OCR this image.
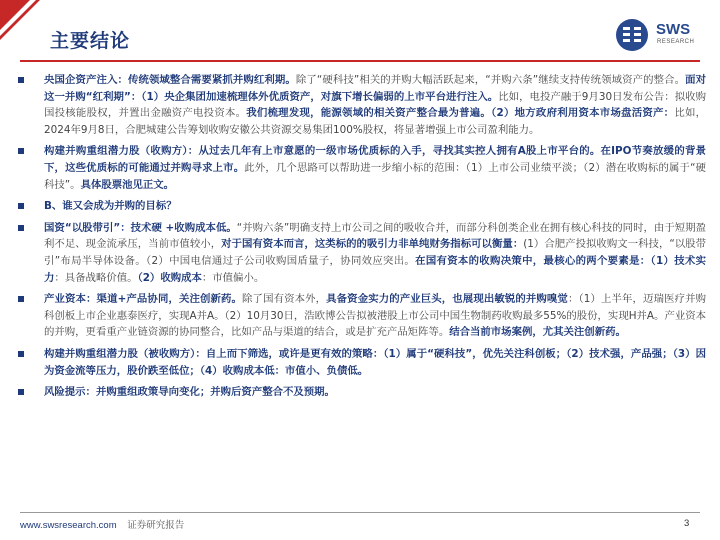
主要结论
SWS
RESEARCH
央国企资产注入：传统领域整合需要紧抓并购红利期。除了“硬科技”相关的并购大幅活跃起来，“并购六条”继续支持传统领域资产的整合。面对这一并购“红利期”：（1）央企集团加速梳理体外优质资产，对旗下增长偏弱的上市平台进行注入。比如，电投产融于9月30日发布公告：拟收购国投核能股权，并置出金融资产电投资本。我们梳理发现，能源领域的相关资产整合最为普遍。（2）地方政府利用资本市场盘活资产：比如，2024年9月8日，合肥城建公告筹划收购安徽公共资源交易集团100%股权，将显著增强上市公司盈利能力。
构建并购重组潜力股（收购方）：从过去几年有上市意愿的一级市场优质标的入手，寻找其实控人拥有A股上市平台的。在IPO节奏放缓的背景下，这些优质标的可能通过并购寻求上市。此外，几个思路可以帮助进一步缩小标的范围：（1）上市公司业绩平淡；（2）潜在收购标的属于“硬科技”。具体股票池见正文。
B、谁又会成为并购的目标？
国资“以股带引”：技术硬 +收购成本低。“并购六条”明确支持上市公司之间的吸收合并，而部分科创类企业在拥有核心科技的同时，由于短期盈利不足、现金流承压，当前市值较小，对于国有资本而言，这类标的的吸引力非单纯财务指标可以衡量：(1）合肥产投拟收购文一科技，“以股带引”布局半导体设备。（2）中国电信通过子公司收购国盾量子，协同效应突出。在国有资本的收购决策中，最核心的两个要素是：（1）技术实力：具备战略价值。（2）收购成本：市值偏小。
产业资本：渠道+产品协同，关注创新药。除了国有资本外，具备资金实力的产业巨头，也展现出敏锐的并购嗅觉：（1）上半年，迈瑞医疗并购科创板上市企业惠泰医疗，实现A并A。（2）10月30日，浩欧博公告拟被港股上市公司中国生物制药收购最多55%的股份，实现H并A。产业资本的并购，更看重产业链资源的协同整合，比如产品与渠道的结合，或是扩充产品矩阵等。结合当前市场案例，尤其关注创新药。
构建并购重组潜力股（被收购方）：自上而下筛选，或许是更有效的策略：（1）属于“硬科技”，优先关注科创板；（2）技术强，产品强；（3）因为资金流等压力，股价跌至低位；（4）收购成本低：市值小、负债低。
风险提示：并购重组政策导向变化；并购后资产整合不及预期。
www.swsresearch.com 证券研究报告	3
